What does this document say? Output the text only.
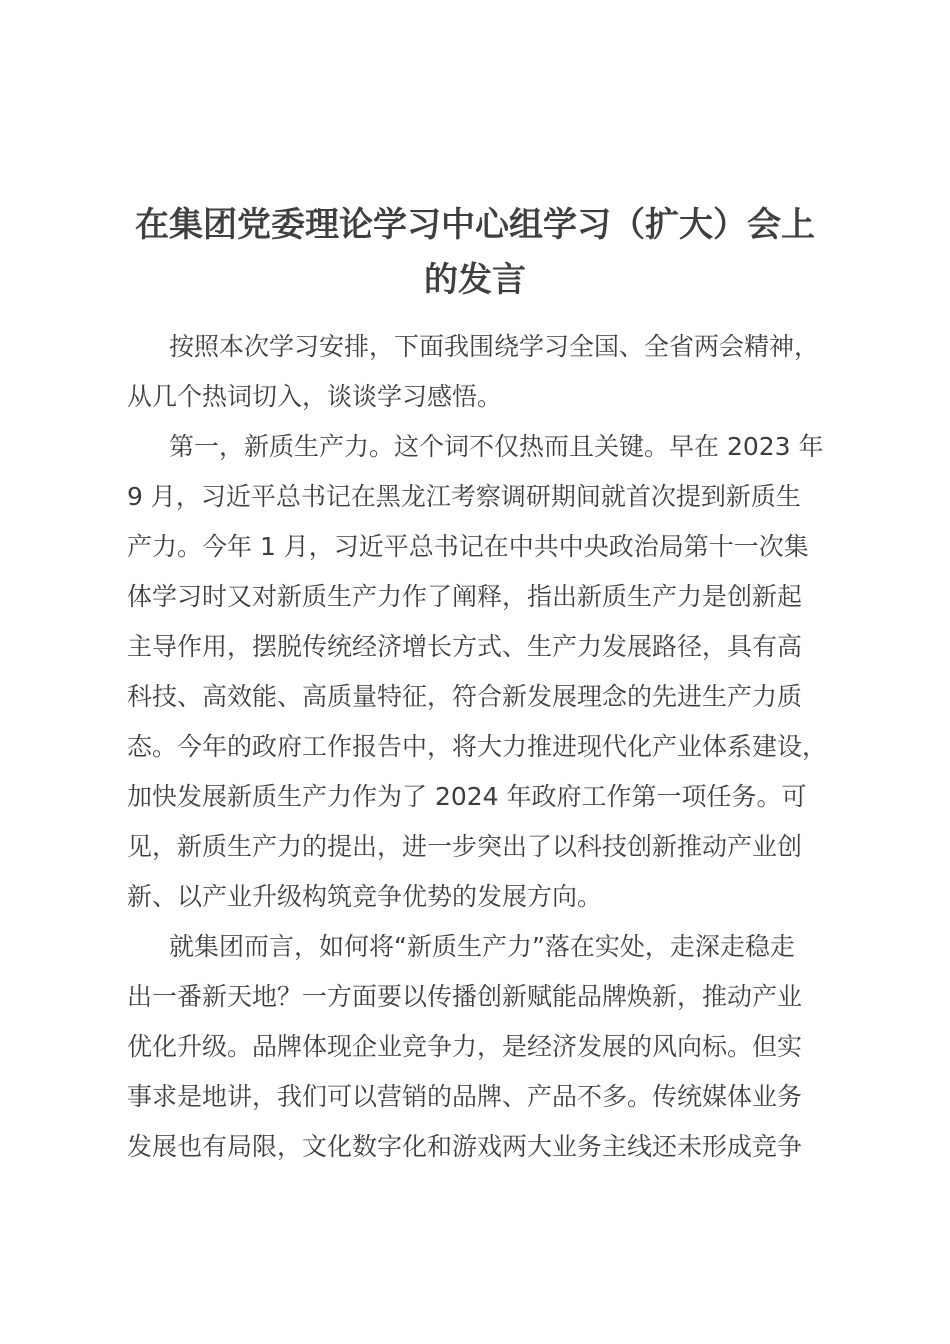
在集团党委理论学习中心组学习（扩大）会上
的发言
按照本次学习安排，下面我围绕学习全国、全省两会精神，
从几个热词切入，谈谈学习感悟。
第一，新质生产力。这个词不仅热而且关键。早在 2023 年
9 月，习近平总书记在黑龙江考察调研期间就首次提到新质生
产力。今年 1 月，习近平总书记在中共中央政治局第十一次集
体学习时又对新质生产力作了阐释，指出新质生产力是创新起
主导作用，摆脱传统经济增长方式、生产力发展路径，具有高
科技、高效能、高质量特征，符合新发展理念的先进生产力质
态。今年的政府工作报告中，将大力推进现代化产业体系建设，
加快发展新质生产力作为了 2024 年政府工作第一项任务。可
见，新质生产力的提出，进一步突出了以科技创新推动产业创
新、以产业升级构筑竞争优势的发展方向。
就集团而言，如何将“新质生产力”落在实处，走深走稳走
出一番新天地？一方面要以传播创新赋能品牌焕新，推动产业
优化升级。品牌体现企业竞争力，是经济发展的风向标。但实
事求是地讲，我们可以营销的品牌、产品不多。传统媒体业务
发展也有局限，文化数字化和游戏两大业务主线还未形成竞争
